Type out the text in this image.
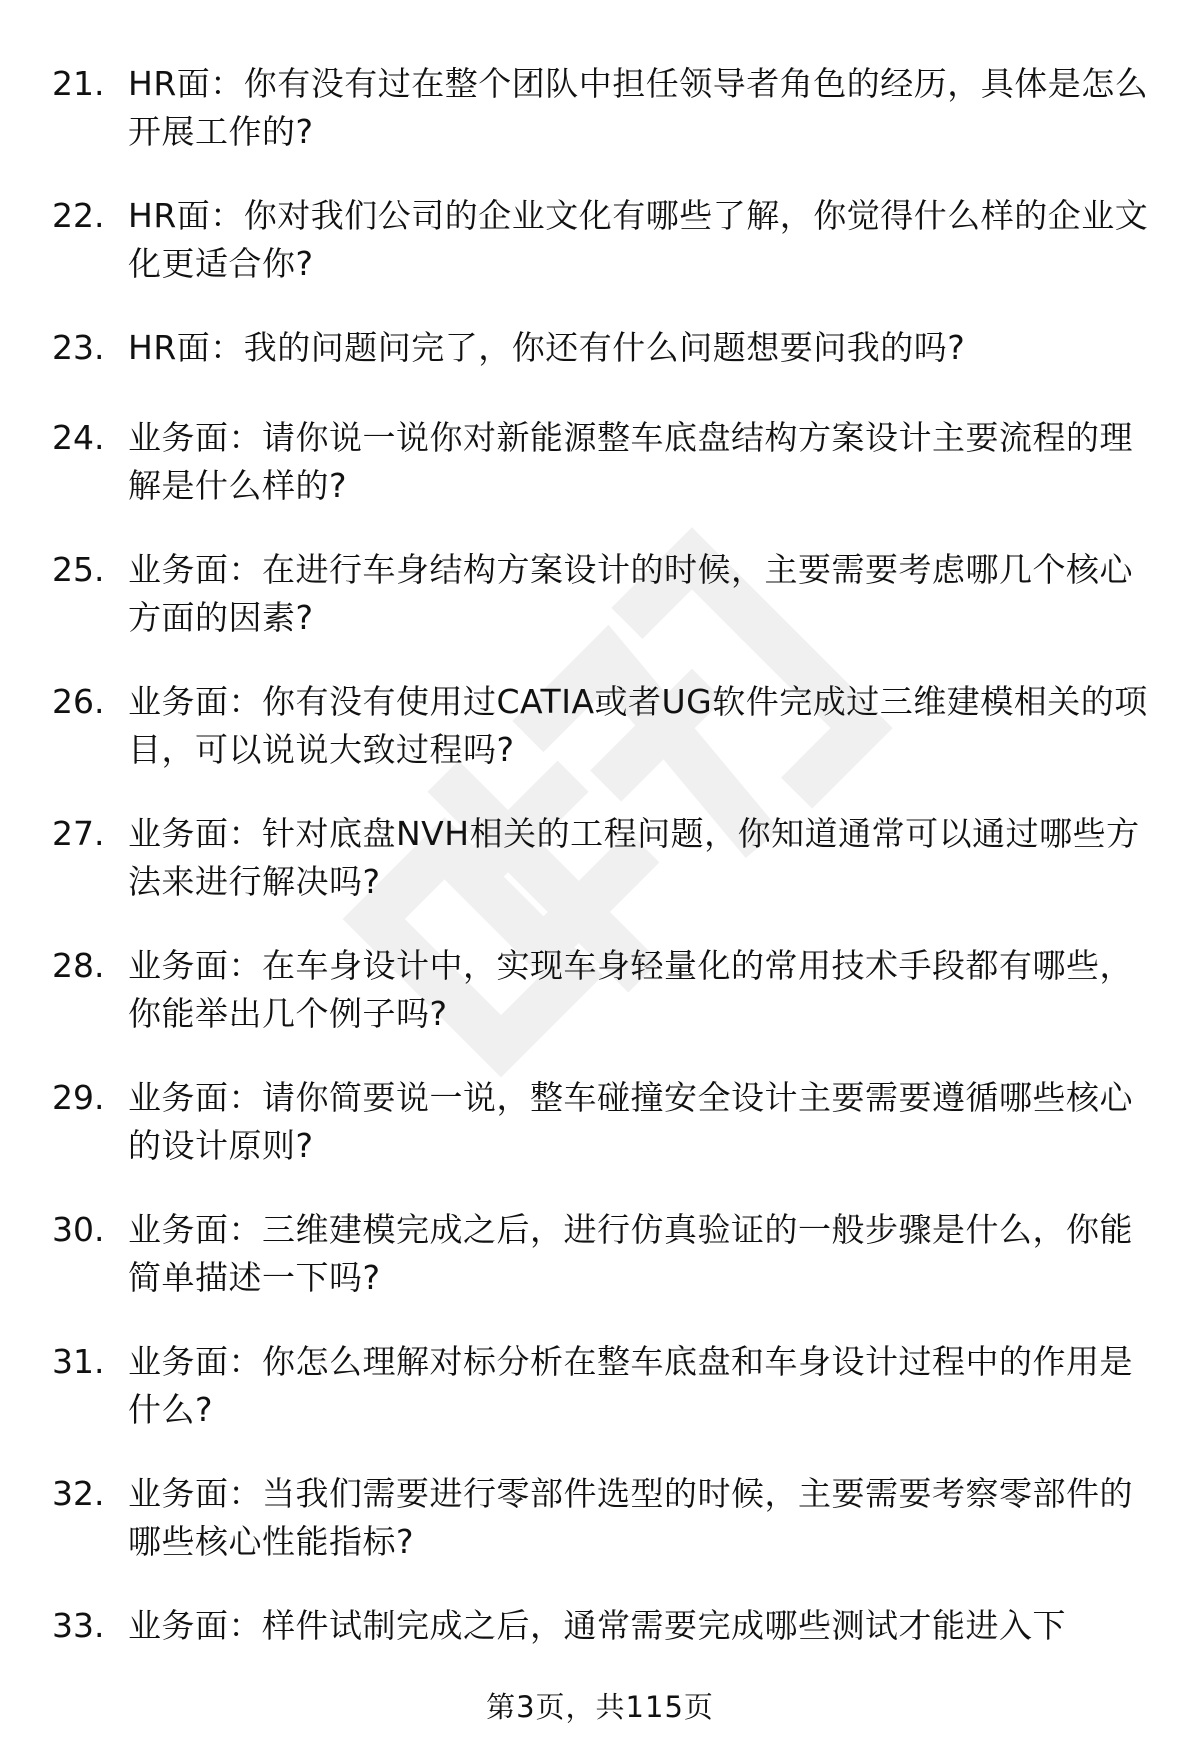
21. HR面：你有没有过在整个团队中担任领导者角色的经历，具体是怎么开展工作的?
22. HR面：你对我们公司的企业文化有哪些了解，你觉得什么样的企业文化更适合你?
23. HR面：我的问题问完了，你还有什么问题想要问我的吗?
24. 业务面：请你说一说你对新能源整车底盘结构方案设计主要流程的理解是什么样的?
25. 业务面：在进行车身结构方案设计的时候，主要需要考虑哪几个核心方面的因素?
26. 业务面：你有没有使用过CATIA或者UG软件完成过三维建模相关的项目，可以说说大致过程吗?
27. 业务面：针对底盘NVH相关的工程问题，你知道通常可以通过哪些方法来进行解决吗?
28. 业务面：在车身设计中，实现车身轻量化的常用技术手段都有哪些，你能举出几个例子吗?
29. 业务面：请你简要说一说，整车碰撞安全设计主要需要遵循哪些核心的设计原则?
30. 业务面：三维建模完成之后，进行仿真验证的一般步骤是什么，你能简单描述一下吗?
31. 业务面：你怎么理解对标分析在整车底盘和车身设计过程中的作用是什么?
32. 业务面：当我们需要进行零部件选型的时候，主要需要考察零部件的哪些核心性能指标?
33. 业务面：样件试制完成之后，通常需要完成哪些测试才能进入下
第3页，共115页
